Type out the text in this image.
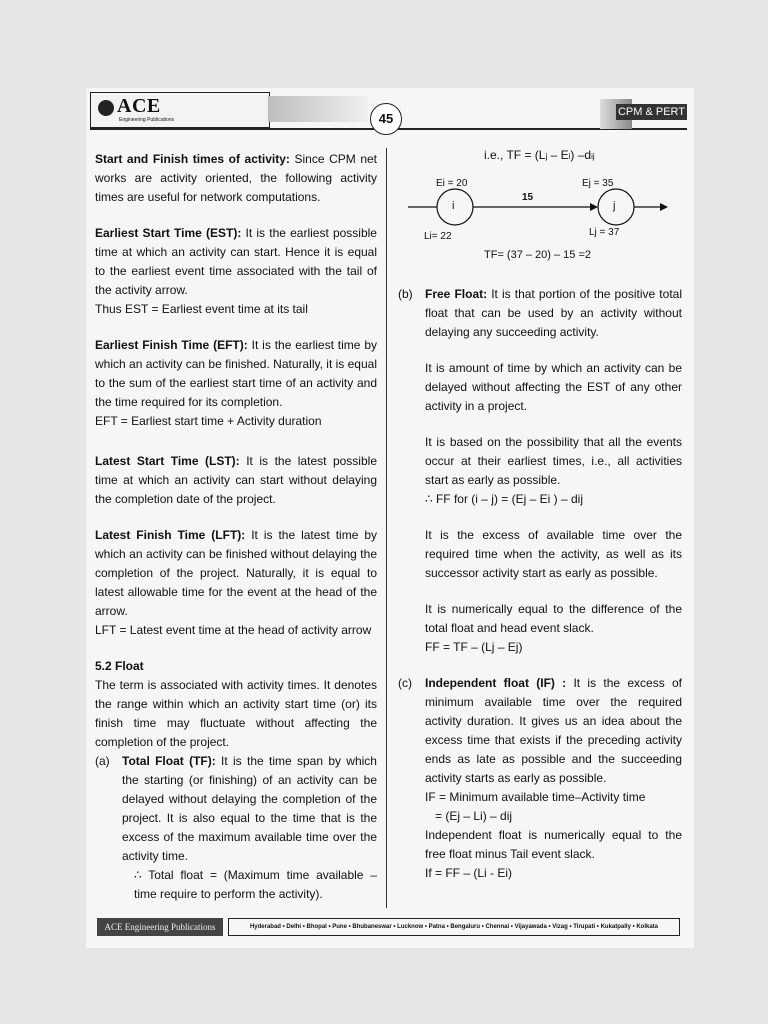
ACE
Engineering Publications	45	CPM & PERT

Start and Finish times of activity: Since CPM net works are activity oriented, the following activity times are useful for network computations.

Earliest Start Time (EST): It is the earliest possible time at which an activity can start. Hence it is equal to the earliest event time associated with the tail of the activity arrow.

Thus EST = Earliest event time at its tail

Earliest Finish Time (EFT): It is the earliest time by which an activity can be finished. Naturally, it is equal to the sum of the earliest start time of an activity and the time required for its completion.

EFT = Earliest start time + Activity duration

Latest Start Time (LST): It is the latest possible time at which an activity can start without delaying the completion date of the project.

Latest Finish Time (LFT): It is the latest time by which an activity can be finished without delaying the completion of the project. Naturally, it is equal to latest allowable time for the event at the head of the arrow.

LFT = Latest event time at the head of activity arrow

5.2 Float

The term is associated with activity times. It denotes the range within which an activity start time (or) its finish time may fluctuate without affecting the completion of the project.

(a) Total Float (TF): It is the time span by which the starting (or finishing) of an activity can be delayed without delaying the completion of the project. It is also equal to the time that is the excess of the maximum available time over the activity time.

∴ Total float = (Maximum time available – time require to perform the activity).

i.e., TF = (Lj – Ei) –dij
i	j
Ei = 20	Ej = 35
15
Li= 22	Lj = 37
TF= (37 – 20) – 15 =2
(b) Free Float: It is that portion of the positive total float that can be used by an activity without delaying any succeeding activity.

It is amount of time by which an activity can be delayed without affecting the EST of any other activity in a project.

It is based on the possibility that all the events occur at their earliest times, i.e., all activities start as early as possible.

∴ FF for (i – j) = (Ej – Ei ) – dij

It is the excess of available time over the required time when the activity, as well as its successor activity start as early as possible.

It is numerically equal to the difference of the total float and head event slack.

FF = TF – (Lj – Ej)

(c) Independent float (IF) : It is the excess of minimum available time over the required activity duration. It gives us an idea about the excess time that exists if the preceding activity ends as late as possible and the succeeding activity starts as early as possible.

IF = Minimum available time–Activity time

= (Ej – Li) – dij

Independent float is numerically equal to the free float minus Tail event slack.

If = FF – (Li - Ei)

ACE Engineering Publications	Hyderabad • Delhi • Bhopal • Pune • Bhubaneswar • Lucknow • Patna • Bengaluru • Chennai • Vijayawada • Vizag • Tirupati • Kukatpally • Kolkata
